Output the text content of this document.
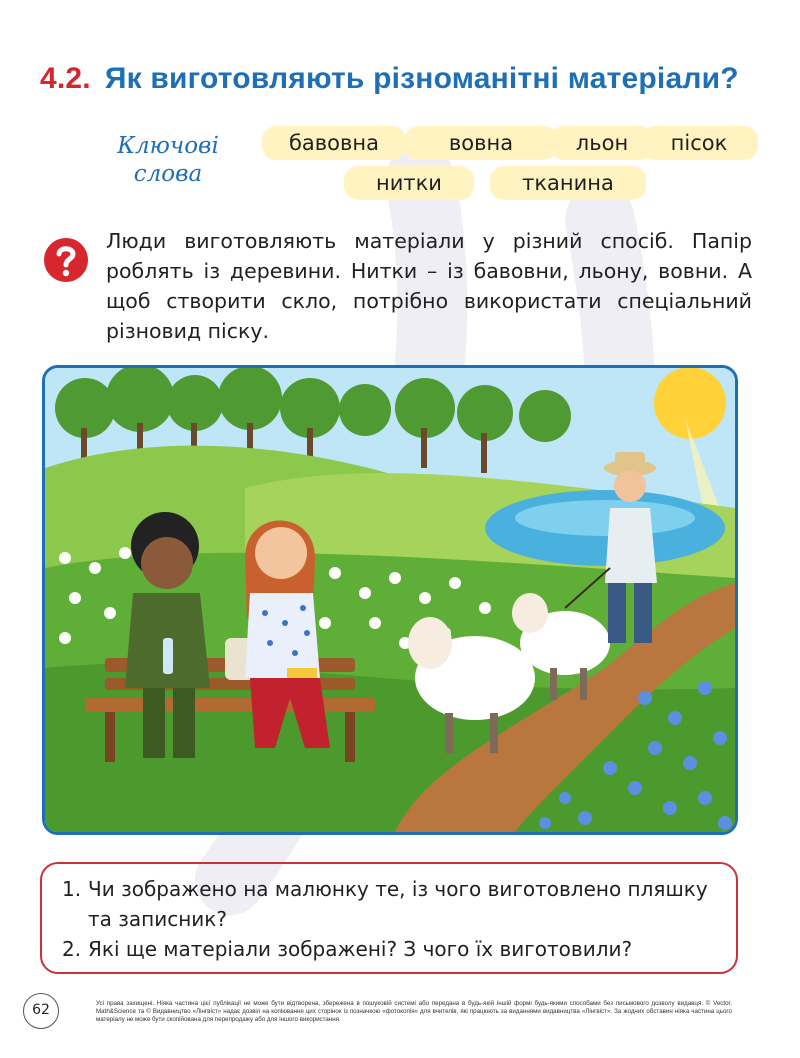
4.2. Як виготовляють різноманітні матеріали?
Ключові
слова
бавовна	вовна	льон	пісок
нитки	тканина

Люди виготовляють матеріали у різний спосіб. Папір роблять із деревини. Нитки – із бавовни, льону, вовни. А щоб створити скло, потрібно використати спеціальний різновид піску.

1. Чи зображено на малюнку те, із чого виготовлено пляшку та записник?
2. Які ще матеріали зображені? З чого їх виготовили?
62	Усі права захищені. Ніяка частина цієї публікації не може бути відтворена, збережена в пошуковій системі або передана в будь-якій іншій формі будь-якими способами без письмового дозволу видавця. © Vector. Math&Science та © Видавництво «Лінгвіст» надає дозвіл на копіювання цих сторінок із позначкою «фотокопія» для вчителів, які працюють за виданнями видавництва «Лінгвіст». За жодних обставин ніяка частина цього матеріалу не може бути скопійована для перепродажу або для іншого використання.
